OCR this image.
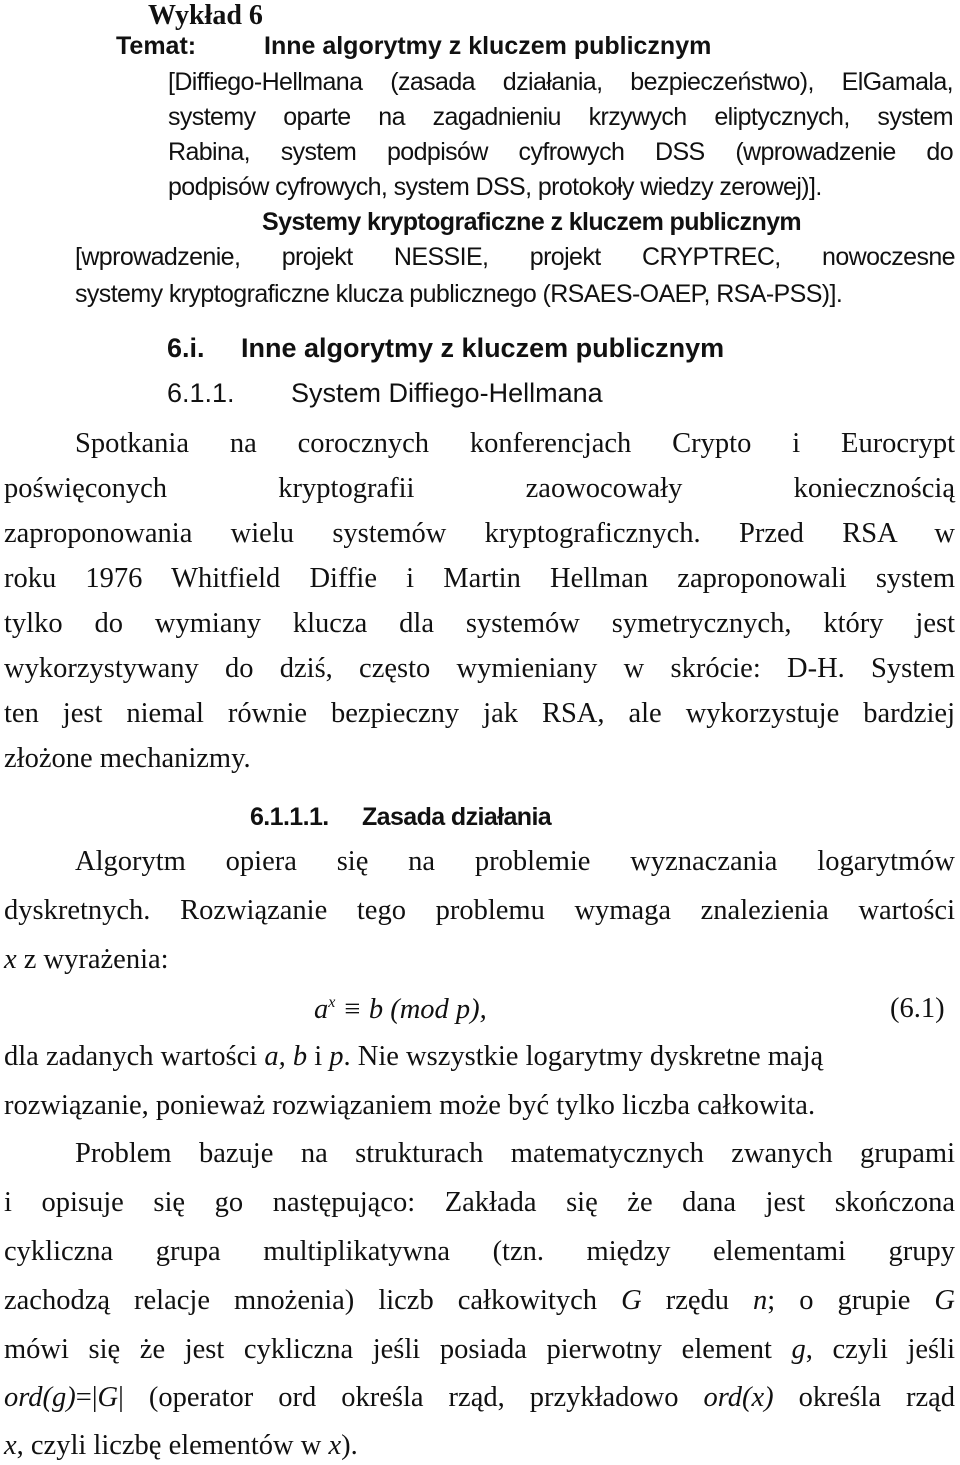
Wykład 6

Temat:	Inne algorytmy z kluczem publicznym

[Diffiego-Hellmana (zasada działania, bezpieczeństwo), ElGamala,

systemy oparte na zagadnieniu krzywych eliptycznych, system

Rabina, system podpisów cyfrowych DSS (wprowadzenie do

podpisów cyfrowych, system DSS, protokoły wiedzy zerowej)].

Systemy kryptograficzne z kluczem publicznym

[wprowadzenie, projekt NESSIE, projekt CRYPTREC, nowoczesne

systemy kryptograficzne klucza publicznego (RSAES-OAEP, RSA-PSS)].

6.i. Inne algorytmy z kluczem publicznym

6.1.1. System Diffiego-Hellmana

Spotkania na corocznych konferencjach Crypto i Eurocrypt

poświęconych kryptografii zaowocowały koniecznością

zaproponowania wielu systemów kryptograficznych. Przed RSA w

roku 1976 Whitfield Diffie i Martin Hellman zaproponowali system

tylko do wymiany klucza dla systemów symetrycznych, który jest

wykorzystywany do dziś, często wymieniany w skrócie: D-H. System

ten jest niemal równie bezpieczny jak RSA, ale wykorzystuje bardziej

złożone mechanizmy.

6.1.1.1. Zasada działania

Algorytm opiera się na problemie wyznaczania logarytmów

dyskretnych. Rozwiązanie tego problemu wymaga znalezienia wartości

x z wyrażenia:

$a^x \equiv b$ (mod p),	(6.1)

dla zadanych wartości a, b i p. Nie wszystkie logarytmy dyskretne mają

rozwiązanie, ponieważ rozwiązaniem może być tylko liczba całkowita.

Problem bazuje na strukturach matematycznych zwanych grupami

i opisuje się go następująco: Zakłada się że dana jest skończona

cykliczna grupa multiplikatywna (tzn. między elementami grupy

zachodzą relacje mnożenia) liczb całkowitych G rzędu n; o grupie G

mówi się że jest cykliczna jeśli posiada pierwotny element g, czyli jeśli

ord(g)=|G| (operator ord określa rząd, przykładowo ord(x) określa rząd

x, czyli liczbę elementów w x).
